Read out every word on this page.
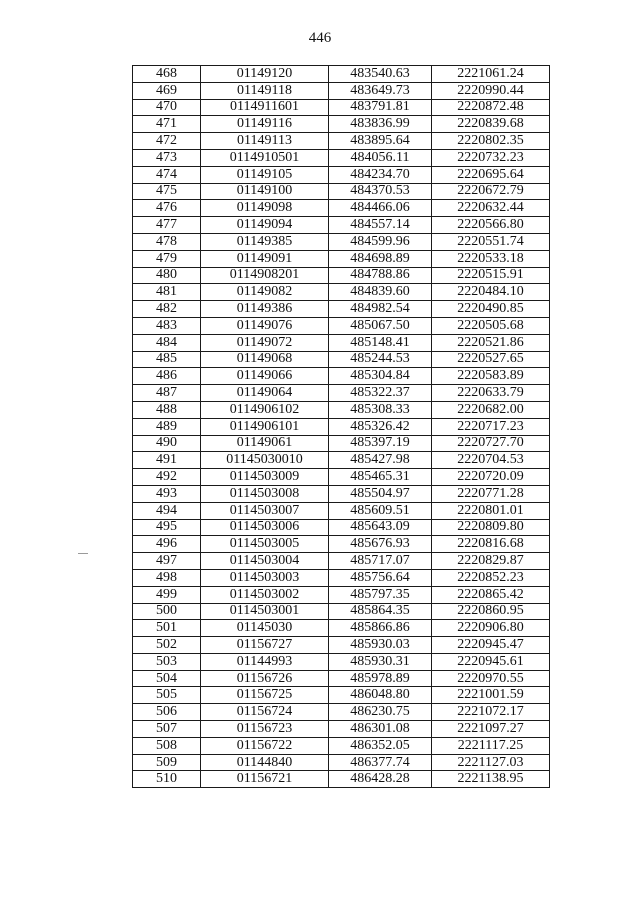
446
468	01149120	483540.63	2221061.24
469	01149118	483649.73	2220990.44
470	0114911601	483791.81	2220872.48
471	01149116	483836.99	2220839.68
472	01149113	483895.64	2220802.35
473	0114910501	484056.11	2220732.23
474	01149105	484234.70	2220695.64
475	01149100	484370.53	2220672.79
476	01149098	484466.06	2220632.44
477	01149094	484557.14	2220566.80
478	01149385	484599.96	2220551.74
479	01149091	484698.89	2220533.18
480	0114908201	484788.86	2220515.91
481	01149082	484839.60	2220484.10
482	01149386	484982.54	2220490.85
483	01149076	485067.50	2220505.68
484	01149072	485148.41	2220521.86
485	01149068	485244.53	2220527.65
486	01149066	485304.84	2220583.89
487	01149064	485322.37	2220633.79
488	0114906102	485308.33	2220682.00
489	0114906101	485326.42	2220717.23
490	01149061	485397.19	2220727.70
491	01145030010	485427.98	2220704.53
492	0114503009	485465.31	2220720.09
493	0114503008	485504.97	2220771.28
494	0114503007	485609.51	2220801.01
495	0114503006	485643.09	2220809.80
496	0114503005	485676.93	2220816.68
497	0114503004	485717.07	2220829.87
498	0114503003	485756.64	2220852.23
499	0114503002	485797.35	2220865.42
500	0114503001	485864.35	2220860.95
501	01145030	485866.86	2220906.80
502	01156727	485930.03	2220945.47
503	01144993	485930.31	2220945.61
504	01156726	485978.89	2220970.55
505	01156725	486048.80	2221001.59
506	01156724	486230.75	2221072.17
507	01156723	486301.08	2221097.27
508	01156722	486352.05	2221117.25
509	01144840	486377.74	2221127.03
510	01156721	486428.28	2221138.95
